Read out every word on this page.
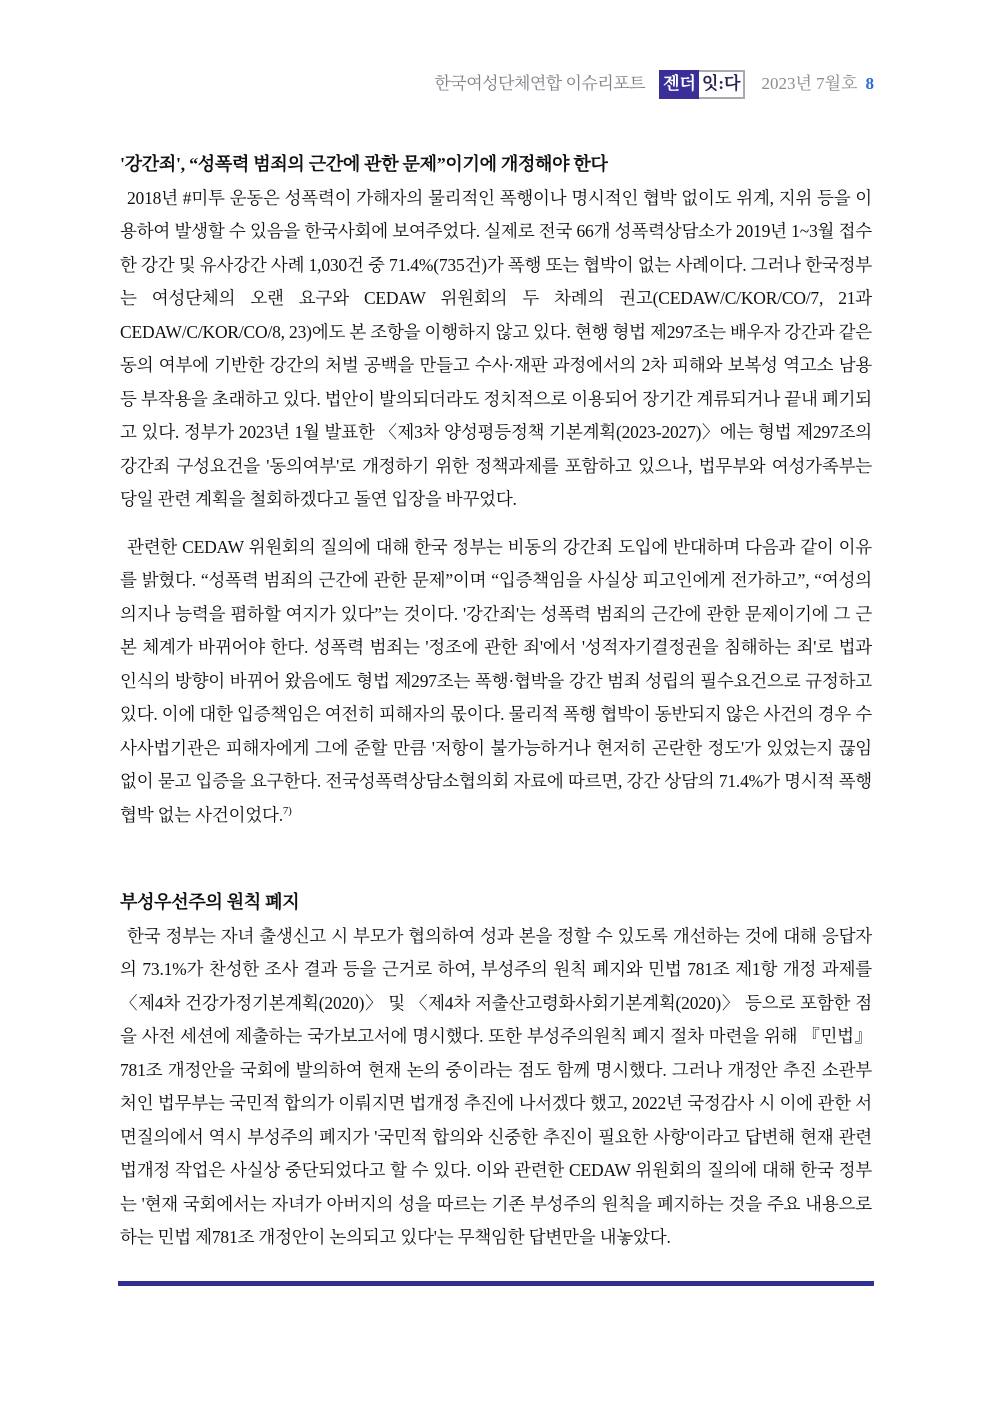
한국여성단체연합 이슈리포트 젠더 잇:다 2023년 7월호 8
'강간죄', “성폭력 범죄의 근간에 관한 문제”이기에 개정해야 한다

2018년 #미투 운동은 성폭력이 가해자의 물리적인 폭행이나 명시적인 협박 없이도 위계, 지위 등을 이용하여 발생할 수 있음을 한국사회에 보여주었다. 실제로 전국 66개 성폭력상담소가 2019년 1~3월 접수한 강간 및 유사강간 사례 1,030건 중 71.4%(735건)가 폭행 또는 협박이 없는 사례이다. 그러나 한국정부는 여성단체의 오랜 요구와 CEDAW 위원회의 두 차례의 권고(CEDAW/C/KOR/CO/7, 21과 CEDAW/C/KOR/CO/8, 23)에도 본 조항을 이행하지 않고 있다. 현행 형법 제297조는 배우자 강간과 같은 동의 여부에 기반한 강간의 처벌 공백을 만들고 수사·재판 과정에서의 2차 피해와 보복성 역고소 남용 등 부작용을 초래하고 있다. 법안이 발의되더라도 정치적으로 이용되어 장기간 계류되거나 끝내 폐기되고 있다. 정부가 2023년 1월 발표한 〈제3차 양성평등정책 기본계획(2023-2027)〉에는 형법 제297조의 강간죄 구성요건을 '동의여부'로 개정하기 위한 정책과제를 포함하고 있으나, 법무부와 여성가족부는 당일 관련 계획을 철회하겠다고 돌연 입장을 바꾸었다.

관련한 CEDAW 위원회의 질의에 대해 한국 정부는 비동의 강간죄 도입에 반대하며 다음과 같이 이유를 밝혔다. “성폭력 범죄의 근간에 관한 문제”이며 “입증책임을 사실상 피고인에게 전가하고”, “여성의 의지나 능력을 폄하할 여지가 있다”는 것이다. '강간죄'는 성폭력 범죄의 근간에 관한 문제이기에 그 근본 체계가 바뀌어야 한다. 성폭력 범죄는 '정조에 관한 죄'에서 '성적자기결정권을 침해하는 죄'로 법과 인식의 방향이 바뀌어 왔음에도 형법 제297조는 폭행·협박을 강간 범죄 성립의 필수요건으로 규정하고 있다. 이에 대한 입증책임은 여전히 피해자의 몫이다. 물리적 폭행 협박이 동반되지 않은 사건의 경우 수사사법기관은 피해자에게 그에 준할 만큼 '저항이 불가능하거나 현저히 곤란한 정도'가 있었는지 끊임없이 묻고 입증을 요구한다. 전국성폭력상담소협의회 자료에 따르면, 강간 상담의 71.4%가 명시적 폭행 협박 없는 사건이었다.$^{7)}$

부성우선주의 원칙 폐지

한국 정부는 자녀 출생신고 시 부모가 협의하여 성과 본을 정할 수 있도록 개선하는 것에 대해 응답자의 73.1%가 찬성한 조사 결과 등을 근거로 하여, 부성주의 원칙 폐지와 민법 781조 제1항 개정 과제를 〈제4차 건강가정기본계획(2020)〉 및 〈제4차 저출산고령화사회기본계획(2020)〉 등으로 포함한 점을 사전 세션에 제출하는 국가보고서에 명시했다. 또한 부성주의원칙 폐지 절차 마련을 위해 『민법』 781조 개정안을 국회에 발의하여 현재 논의 중이라는 점도 함께 명시했다. 그러나 개정안 추진 소관부처인 법무부는 국민적 합의가 이뤄지면 법개정 추진에 나서겠다 했고, 2022년 국정감사 시 이에 관한 서면질의에서 역시 부성주의 폐지가 '국민적 합의와 신중한 추진이 필요한 사항'이라고 답변해 현재 관련 법개정 작업은 사실상 중단되었다고 할 수 있다. 이와 관련한 CEDAW 위원회의 질의에 대해 한국 정부는 '현재 국회에서는 자녀가 아버지의 성을 따르는 기존 부성주의 원칙을 폐지하는 것을 주요 내용으로 하는 민법 제781조 개정안이 논의되고 있다'는 무책임한 답변만을 내놓았다.
